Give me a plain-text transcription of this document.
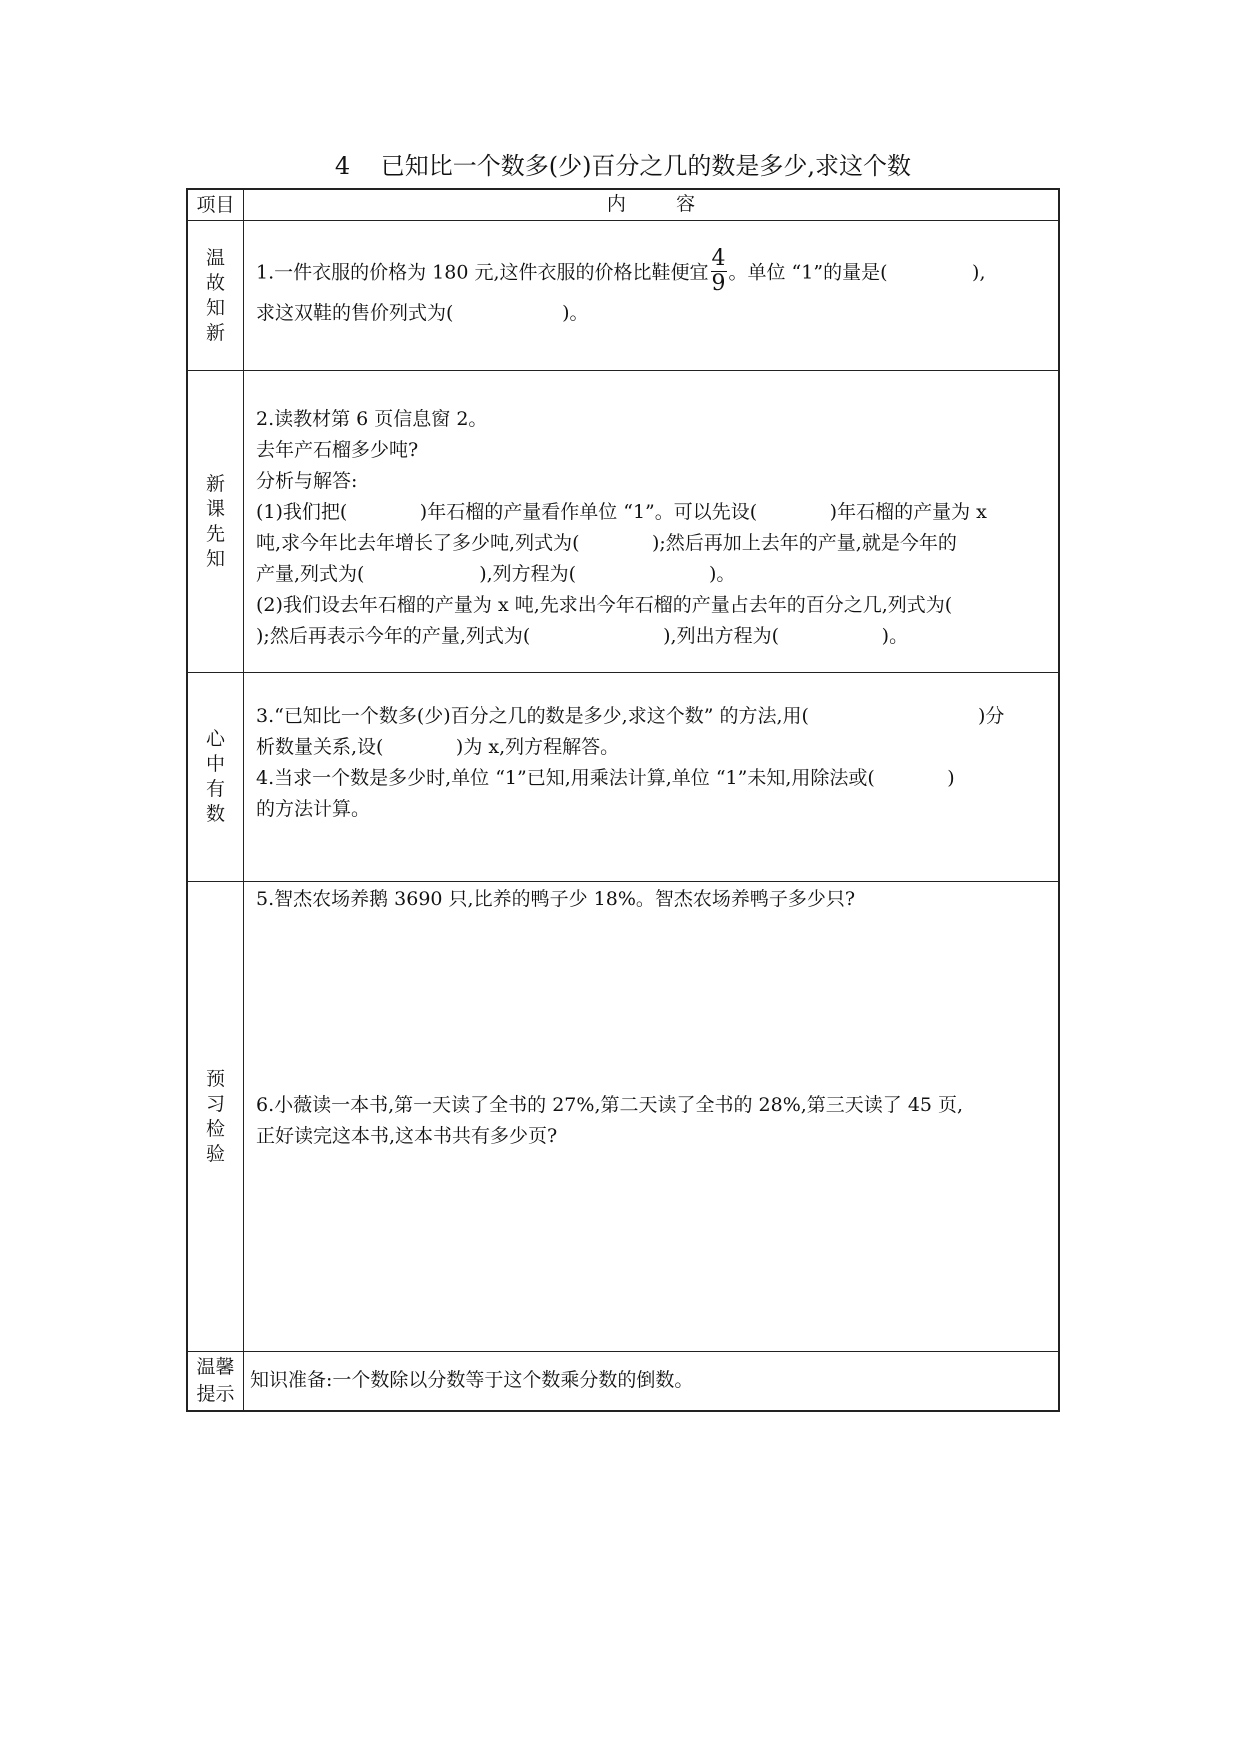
4    已知比一个数多(少)百分之几的数是多少,求这个数
项目	内      容
温故知新
1.一件衣服的价格为 180 元,这件衣服的价格比鞋便宜 $\frac{4}{9}$ 。单位 “1”的量是(              ),
求这双鞋的售价列式为(                  )。
新课先知
2.读教材第 6 页信息窗 2。
去年产石榴多少吨?
分析与解答:
(1)我们把(            )年石榴的产量看作单位 “1”。可以先设(            )年石榴的产量为 x
吨,求今年比去年增长了多少吨,列式为(            );然后再加上去年的产量,就是今年的
产量,列式为(                   ),列方程为(                      )。
(2)我们设去年石榴的产量为 x 吨,先求出今年石榴的产量占去年的百分之几,列式为(
);然后再表示今年的产量,列式为(                      ),列出方程为(                 )。
心中有数
3.“已知比一个数多(少)百分之几的数是多少,求这个数” 的方法,用(                            )分
析数量关系,设(            )为 x,列方程解答。
4.当求一个数是多少时,单位 “1”已知,用乘法计算,单位 “1”未知,用除法或(            )
的方法计算。
预习检验
5.智杰农场养鹅 3690 只,比养的鸭子少 18%。智杰农场养鸭子多少只?
6.小薇读一本书,第一天读了全书的 27%,第二天读了全书的 28%,第三天读了 45 页,
正好读完这本书,这本书共有多少页?
温馨提示
知识准备:一个数除以分数等于这个数乘分数的倒数。
